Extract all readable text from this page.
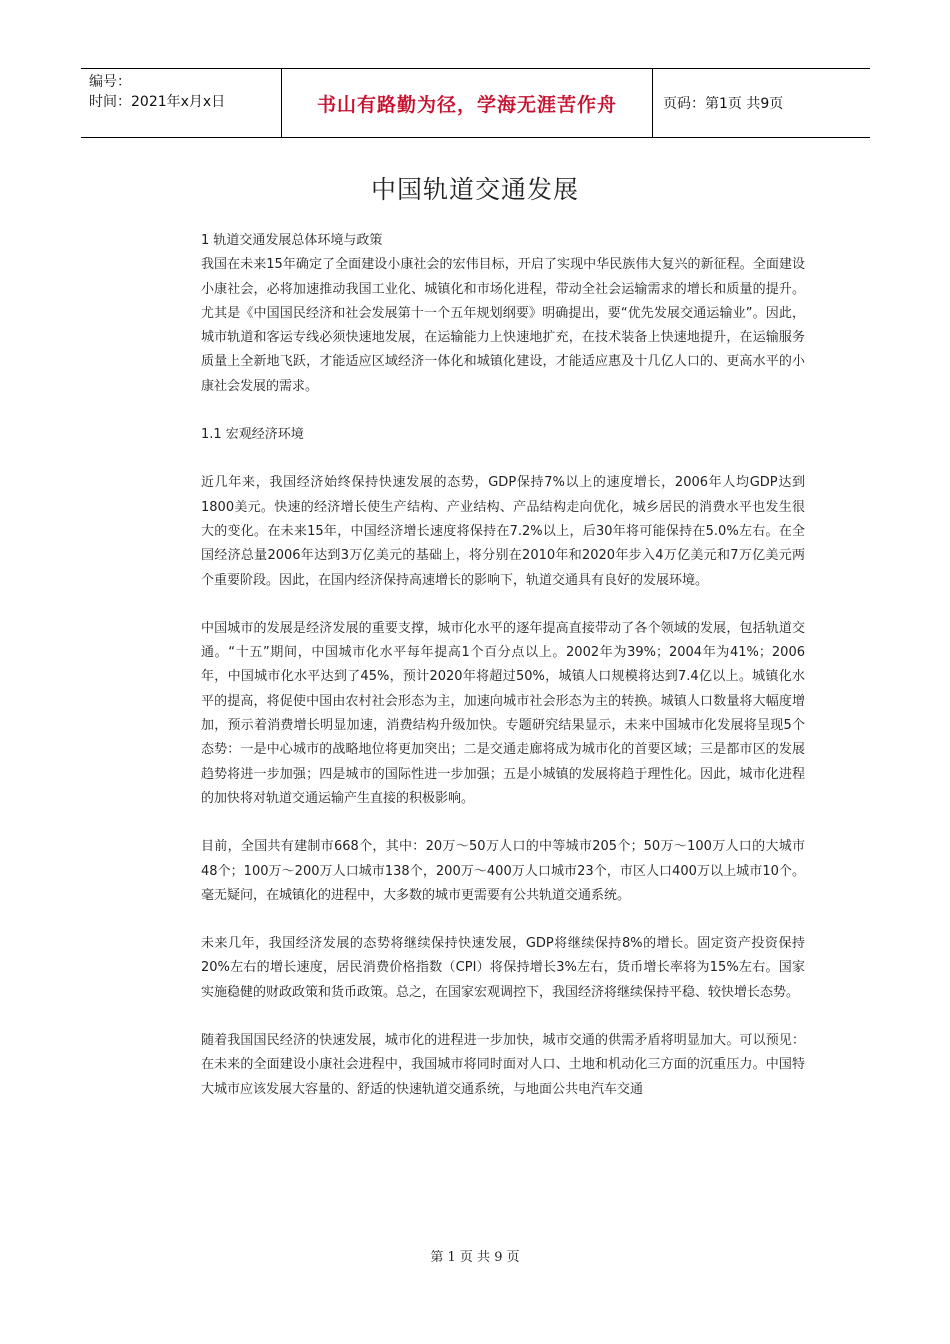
编号：
时间：2021年x月x日	书山有路勤为径，学海无涯苦作舟	页码：第1页 共9页
中国轨道交通发展

1 轨道交通发展总体环境与政策

我国在未来15年确定了全面建设小康社会的宏伟目标，开启了实现中华民族伟大复兴的新征程。全面建设小康社会，必将加速推动我国工业化、城镇化和市场化进程，带动全社会运输需求的增长和质量的提升。尤其是《中国国民经济和社会发展第十一个五年规划纲要》明确提出，要“优先发展交通运输业”。因此，城市轨道和客运专线必须快速地发展，在运输能力上快速地扩充，在技术装备上快速地提升，在运输服务质量上全新地飞跃，才能适应区域经济一体化和城镇化建设，才能适应惠及十几亿人口的、更高水平的小康社会发展的需求。

1.1 宏观经济环境

近几年来，我国经济始终保持快速发展的态势，GDP保持7%以上的速度增长，2006年人均GDP达到1800美元。快速的经济增长使生产结构、产业结构、产品结构走向优化，城乡居民的消费水平也发生很大的变化。在未来15年，中国经济增长速度将保持在7.2%以上，后30年将可能保持在5.0%左右。在全国经济总量2006年达到3万亿美元的基础上，将分别在2010年和2020年步入4万亿美元和7万亿美元两个重要阶段。因此，在国内经济保持高速增长的影响下，轨道交通具有良好的发展环境。

中国城市的发展是经济发展的重要支撑，城市化水平的逐年提高直接带动了各个领域的发展，包括轨道交通。“十五”期间，中国城市化水平每年提高1个百分点以上。2002年为39%；2004年为41%；2006年，中国城市化水平达到了45%，预计2020年将超过50%，城镇人口规模将达到7.4亿以上。城镇化水平的提高，将促使中国由农村社会形态为主，加速向城市社会形态为主的转换。城镇人口数量将大幅度增加，预示着消费增长明显加速，消费结构升级加快。专题研究结果显示，未来中国城市化发展将呈现5个态势：一是中心城市的战略地位将更加突出；二是交通走廊将成为城市化的首要区域；三是都市区的发展趋势将进一步加强；四是城市的国际性进一步加强；五是小城镇的发展将趋于理性化。因此，城市化进程的加快将对轨道交通运输产生直接的积极影响。

目前，全国共有建制市668个，其中：20万～50万人口的中等城市205个；50万～100万人口的大城市48个；100万～200万人口城市138个，200万～400万人口城市23个，市区人口400万以上城市10个。毫无疑问，在城镇化的进程中，大多数的城市更需要有公共轨道交通系统。

未来几年，我国经济发展的态势将继续保持快速发展，GDP将继续保持8%的增长。固定资产投资保持20%左右的增长速度，居民消费价格指数（CPI）将保持增长3%左右，货币增长率将为15%左右。国家实施稳健的财政政策和货币政策。总之，在国家宏观调控下，我国经济将继续保持平稳、较快增长态势。

随着我国国民经济的快速发展，城市化的进程进一步加快，城市交通的供需矛盾将明显加大。可以预见：在未来的全面建设小康社会进程中，我国城市将同时面对人口、土地和机动化三方面的沉重压力。中国特大城市应该发展大容量的、舒适的快速轨道交通系统，与地面公共电汽车交通

第 1 页 共 9 页
